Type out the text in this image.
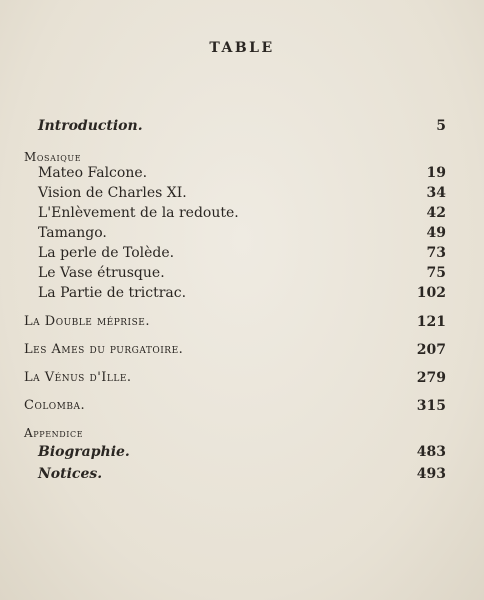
TABLE
Introduction.	5
Mosaique
Mateo Falcone.	19
Vision de Charles XI.	34
L'Enlèvement de la redoute.	42
Tamango.	49
La perle de Tolède.	73
Le Vase étrusque.	75
La Partie de trictrac.	102
La Double méprise.	121
Les Ames du purgatoire.	207
La Vénus d'Ille.	279
Colomba.	315
Appendice
Biographie.	483
Notices.	493
